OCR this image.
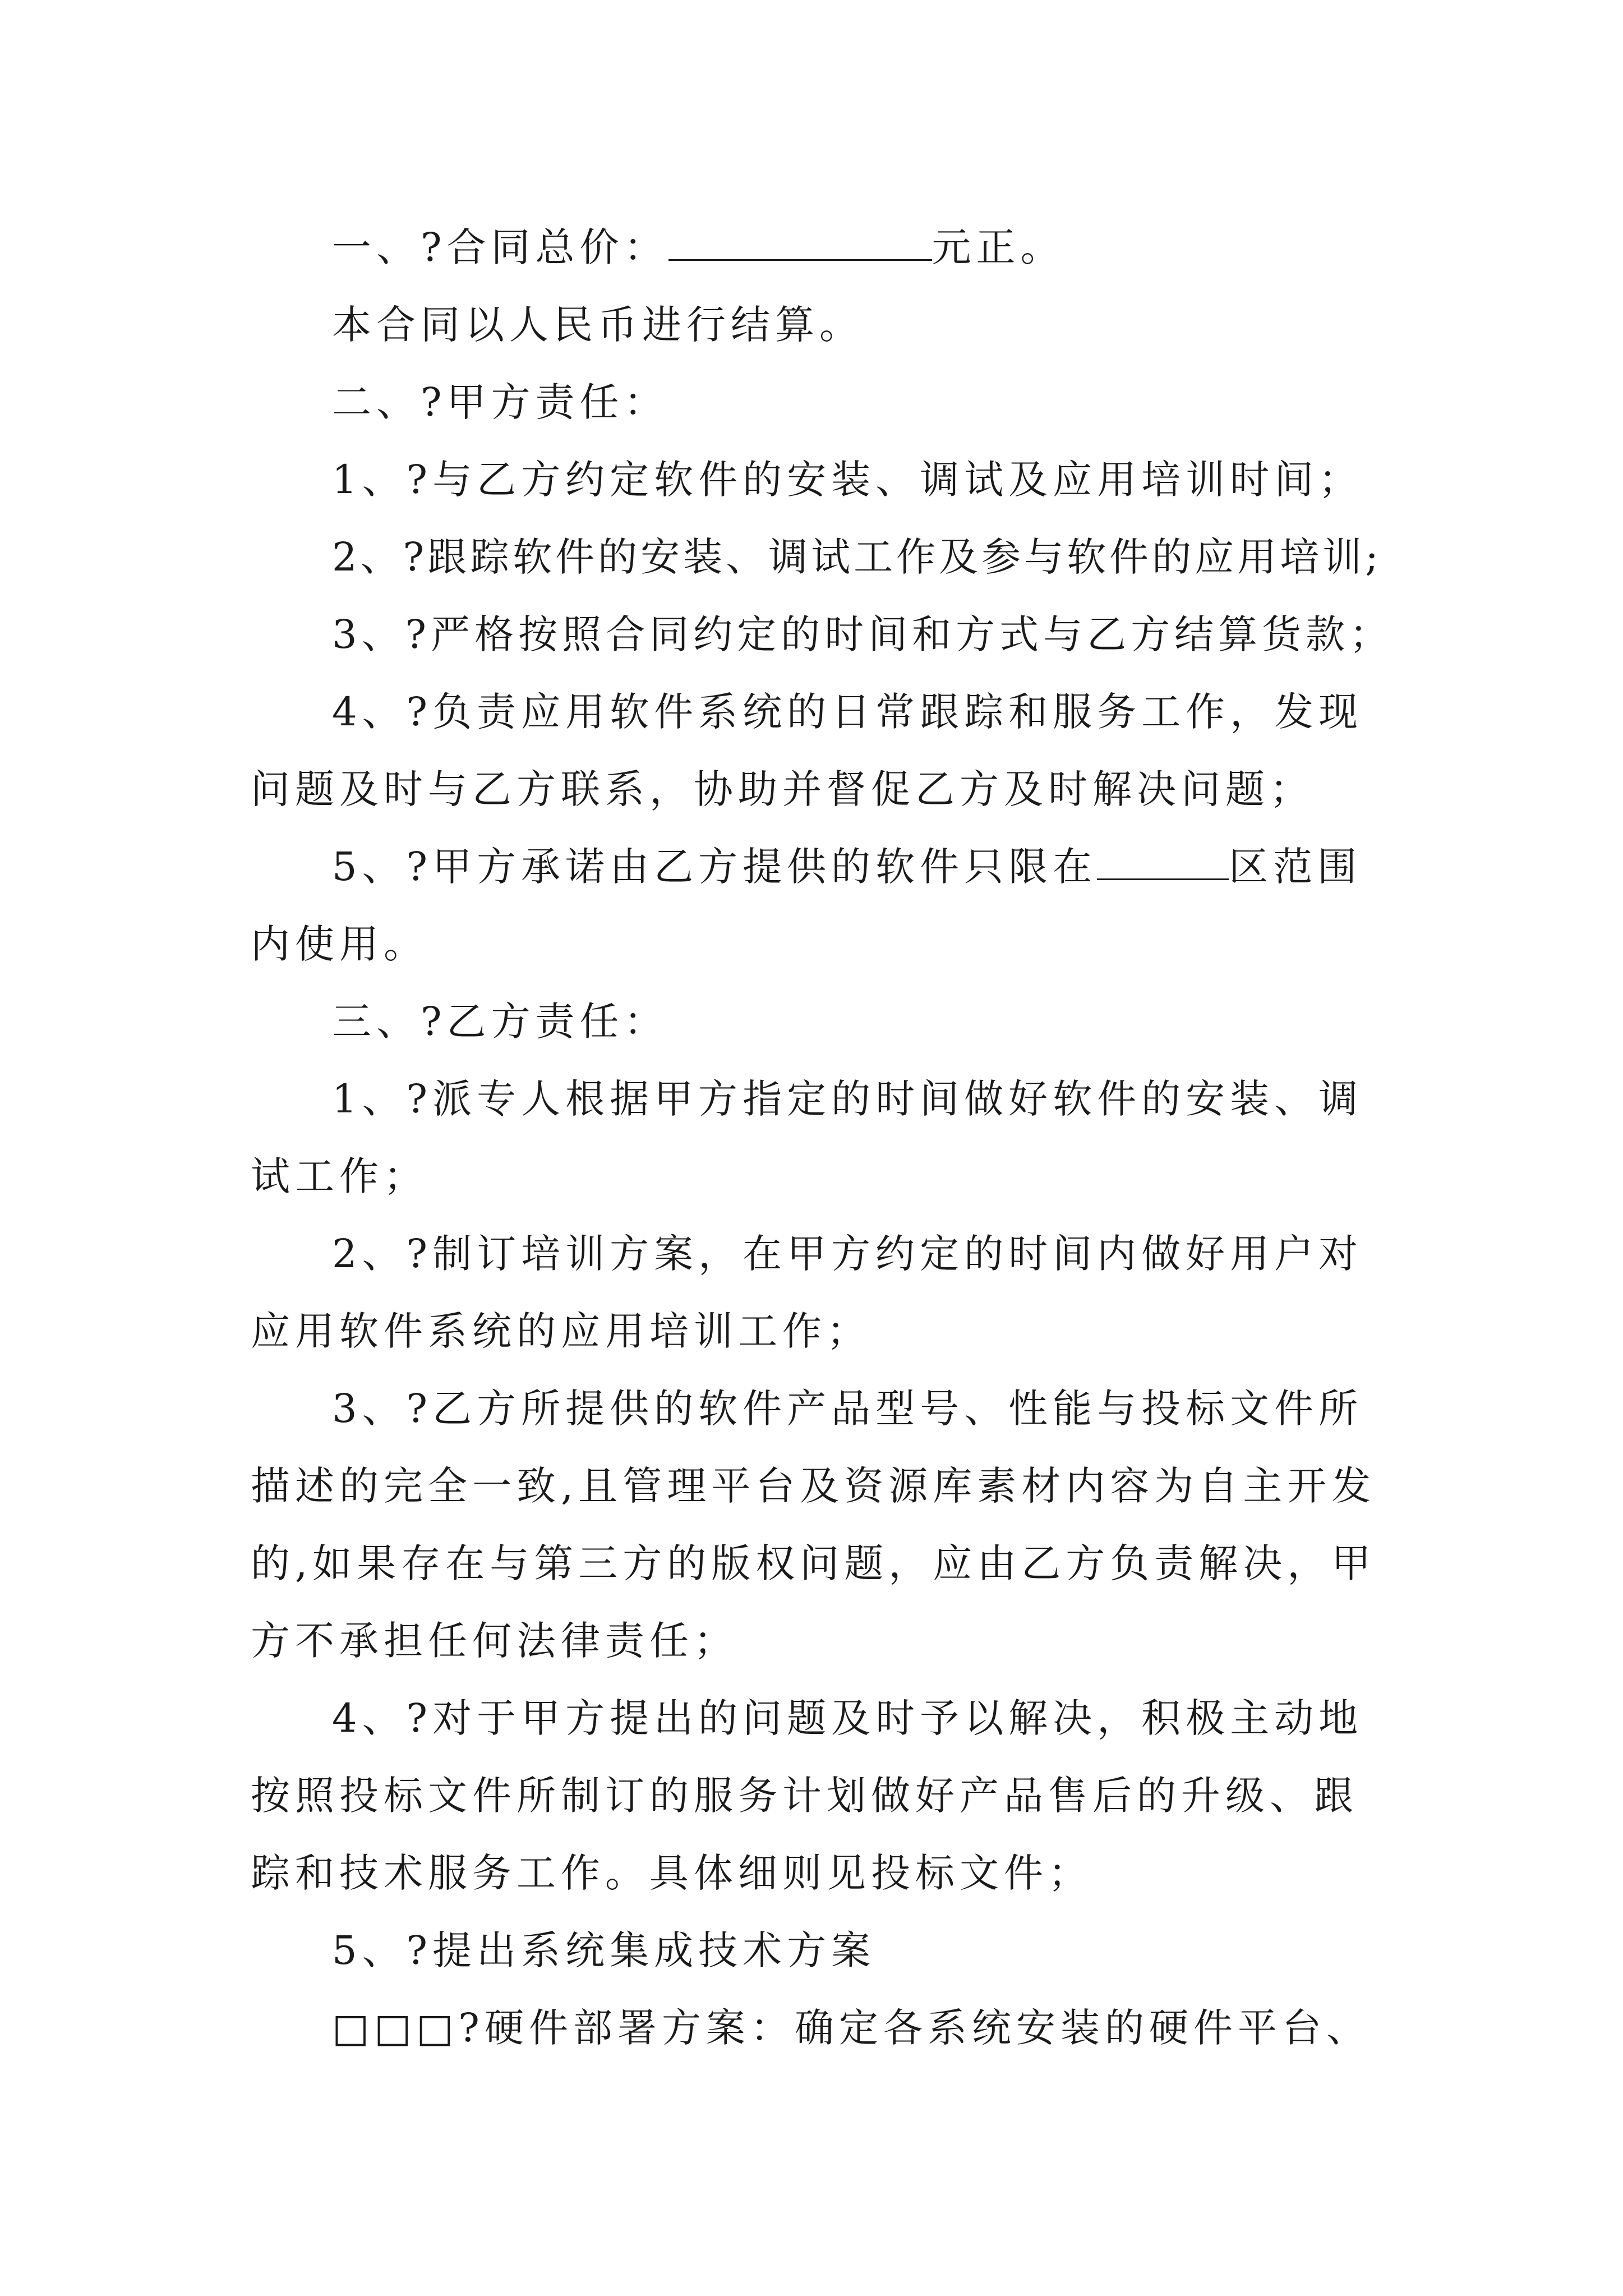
一、?合同总价：	元正。

本合同以人民币进行结算。

二、?甲方责任：

1、?与乙方约定软件的安装、调试及应用培训时间；

2、?跟踪软件的安装、调试工作及参与软件的应用培训;

3、?严格按照合同约定的时间和方式与乙方结算货款；

4、?负责应用软件系统的日常跟踪和服务工作，发现问题及时与乙方联系，协助并督促乙方及时解决问题；

5、?甲方承诺由乙方提供的软件只限在	区范围内使用。

三、?乙方责任：

1、?派专人根据甲方指定的时间做好软件的安装、调试工作；

2、?制订培训方案，在甲方约定的时间内做好用户对应用软件系统的应用培训工作；

3、?乙方所提供的软件产品型号、性能与投标文件所描述的完全一致,且管理平台及资源库素材内容为自主开发的,如果存在与第三方的版权问题，应由乙方负责解决，甲方不承担任何法律责任；

4、?对于甲方提出的问题及时予以解决，积极主动地按照投标文件所制订的服务计划做好产品售后的升级、跟踪和技术服务工作。具体细则见投标文件；

5、?提出系统集成技术方案

□□□?硬件部署方案：确定各系统安装的硬件平台、
